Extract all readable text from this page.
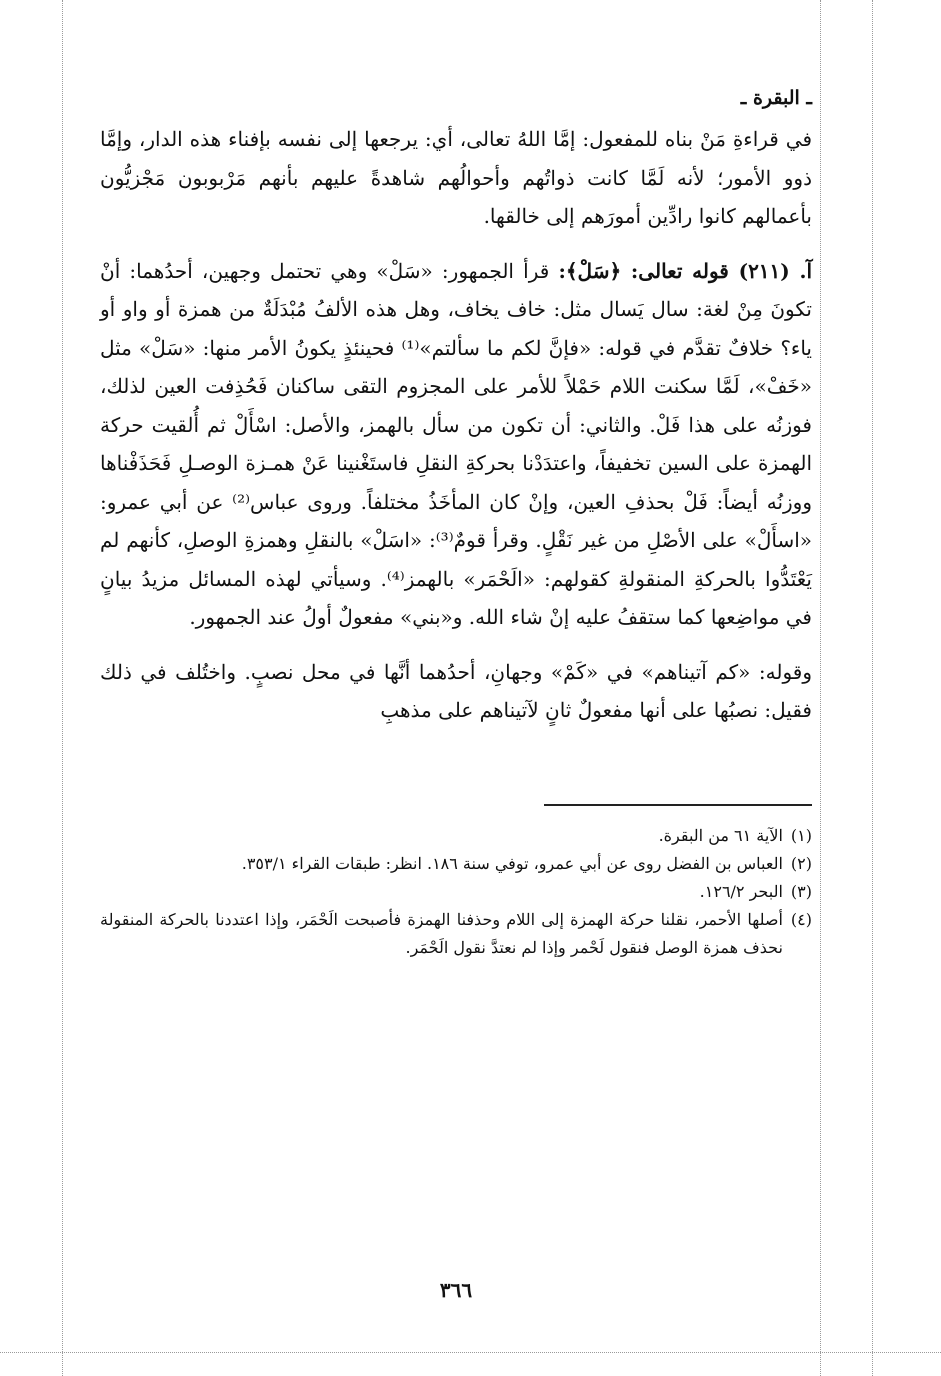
ـ البقرة ـ

في قراءةِ مَنْ بناه للمفعول: إمَّا اللهُ تعالى، أي: يرجعها إلى نفسه بإفناء هذه الدار، وإمَّا ذوو الأمور؛ لأنه لَمَّا كانت ذواتُهم وأحوالُهم شاهدةً عليهم بأنهم مَرْبوبون مَجْزيُّون بأعمالهم كانوا رادِّين أمورَهم إلى خالقها.

آ. (٢١١) قوله تعالى: ﴿سَلْ﴾: قرأ الجمهور: «سَلْ» وهي تحتمل وجهين، أحدُهما: أنْ تكونَ مِنْ لغة: سال يَسال مثل: خاف يخاف، وهل هذه الألفُ مُبْدَلَةٌ من همزة أو واو أو ياء؟ خلافٌ تقدَّم في قوله: «فإنَّ لكم ما سألتم»⁽¹⁾ فحينئذٍ يكونُ الأمر منها: «سَلْ» مثل «خَفْ»، لَمَّا سكنت اللام حَمْلاً للأمر على المجزوم التقى ساكنان فَحُذِفت العين لذلك، فوزنُه على هذا فَلْ. والثاني: أن تكون من سأل بالهمز، والأصل: اسْأَلْ ثم أُلقيت حركة الهمزة على السين تخفيفاً، واعتدَدْنا بحركةِ النقلِ فاستَغْنينا عَنْ همـزة الوصـلِ فَحَذَفْناها ووزنُه أيضاً: فَلْ بحذفِ العين، وإنْ كان المأخَذُ مختلفاً. وروى عباس⁽²⁾ عن أبي عمرو: «اسأَلْ» على الأصْلِ من غير نَقْلٍ. وقرأ قومٌ⁽³⁾: «اسَلْ» بالنقلِ وهمزةِ الوصلِ، كأنهم لم يَعْتَدُّوا بالحركةِ المنقولةِ كقولهم: «الَحْمَر» بالهمز⁽⁴⁾. وسيأتي لهذه المسائل مزيدُ بيانٍ في مواضِعها كما ستقفُ عليه إنْ شاء الله. و«بني» مفعولٌ أولُ عند الجمهور.

وقوله: «كم آتيناهم» في «كَمْ» وجهانِ، أحدُهما أنَّها في محل نصبٍ. واختُلف في ذلك فقيل: نصبُها على أنها مفعولٌ ثانٍ لآتيناهم على مذهبِ

(١)
الآية ٦١ من البقرة.
(٢)
العباس بن الفضل روى عن أبي عمرو، توفي سنة ١٨٦. انظر: طبقات القراء ٣٥٣/١.
(٣)
البحر ١٢٦/٢.
(٤)
أصلها الأحمر، نقلنا حركة الهمزة إلى اللام وحذفنا الهمزة فأصبحت الَحْمَر، وإذا اعتددنا بالحركة المنقولة نحذف همزة الوصل فنقول لَحْمر وإذا لم نعتدَّ نقول الَحْمَر.
٣٦٦
